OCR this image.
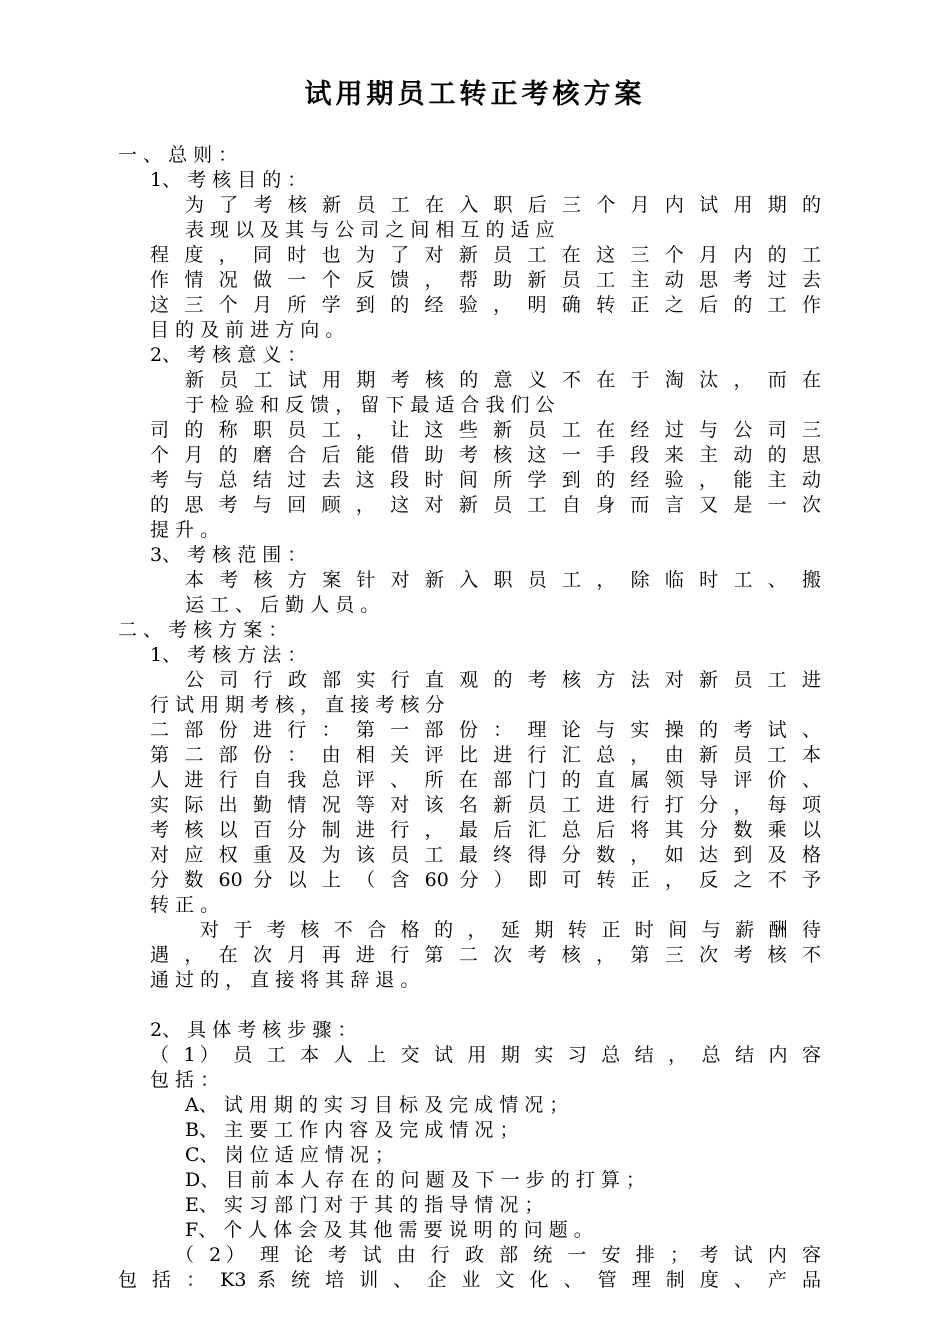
试用期员工转正考核方案
一 、 总 则 ：
1、 考 核 目 的 ：
为 了 考 核 新 员 工 在 入 职 后 三 个 月 内 试 用 期 的
表 现 以 及 其 与 公 司 之 间 相 互 的 适 应
程 度 ， 同 时 也 为 了 对 新 员 工 在 这 三 个 月 内 的 工
作 情 况 做 一 个 反 馈 ， 帮 助 新 员 工 主 动 思 考 过 去
这 三 个 月 所 学 到 的 经 验 ， 明 确 转 正 之 后 的 工 作
目 的 及 前 进 方 向 。
2、 考 核 意 义 ：
新 员 工 试 用 期 考 核 的 意 义 不 在 于 淘 汰 ， 而 在
于 检 验 和 反 馈 ， 留 下 最 适 合 我 们 公
司 的 称 职 员 工 ， 让 这 些 新 员 工 在 经 过 与 公 司 三
个 月 的 磨 合 后 能 借 助 考 核 这 一 手 段 来 主 动 的 思
考 与 总 结 过 去 这 段 时 间 所 学 到 的 经 验 ， 能 主 动
的 思 考 与 回 顾 ， 这 对 新 员 工 自 身 而 言 又 是 一 次
提 升 。
3、 考 核 范 围 ：
本 考 核 方 案 针 对 新 入 职 员 工 ， 除 临 时 工 、 搬
运 工 、 后 勤 人 员 。
二 、 考 核 方 案 ：
1、 考 核 方 法 ：
公 司 行 政 部 实 行 直 观 的 考 核 方 法 对 新 员 工 进
行 试 用 期 考 核 ， 直 接 考 核 分
二 部 份 进 行 ： 第 一 部 份 ： 理 论 与 实 操 的 考 试 、
第 二 部 份 ： 由 相 关 评 比 进 行 汇 总 ， 由 新 员 工 本
人 进 行 自 我 总 评 、 所 在 部 门 的 直 属 领 导 评 价 、
实 际 出 勤 情 况 等 对 该 名 新 员 工 进 行 打 分 ， 每 项
考 核 以 百 分 制 进 行 ， 最 后 汇 总 后 将 其 分 数 乘 以
对 应 权 重 及 为 该 员 工 最 终 得 分 数 ， 如 达 到 及 格
分 数 60 分 以 上 （ 含 60 分 ） 即 可 转 正 ， 反 之 不 予
转 正 。
对 于 考 核 不 合 格 的 ， 延 期 转 正 时 间 与 薪 酬 待
遇 ， 在 次 月 再 进 行 第 二 次 考 核 ， 第 三 次 考 核 不
通 过 的 ， 直 接 将 其 辞 退 。
2、 具 体 考 核 步 骤 ：
（ 1） 员 工 本 人 上 交 试 用 期 实 习 总 结 ， 总 结 内 容
包 括 ：
A、 试 用 期 的 实 习 目 标 及 完 成 情 况 ；
B、 主 要 工 作 内 容 及 完 成 情 况 ；
C、 岗 位 适 应 情 况 ；
D、 目 前 本 人 存 在 的 问 题 及 下 一 步 的 打 算 ；
E、 实 习 部 门 对 于 其 的 指 导 情 况 ；
F、 个 人 体 会 及 其 他 需 要 说 明 的 问 题 。
（ 2） 理 论 考 试 由 行 政 部 统 一 安 排 ； 考 试 内 容
包 括 ： K3 系 统 培 训 、 企 业 文 化 、 管 理 制 度 、 产 品
